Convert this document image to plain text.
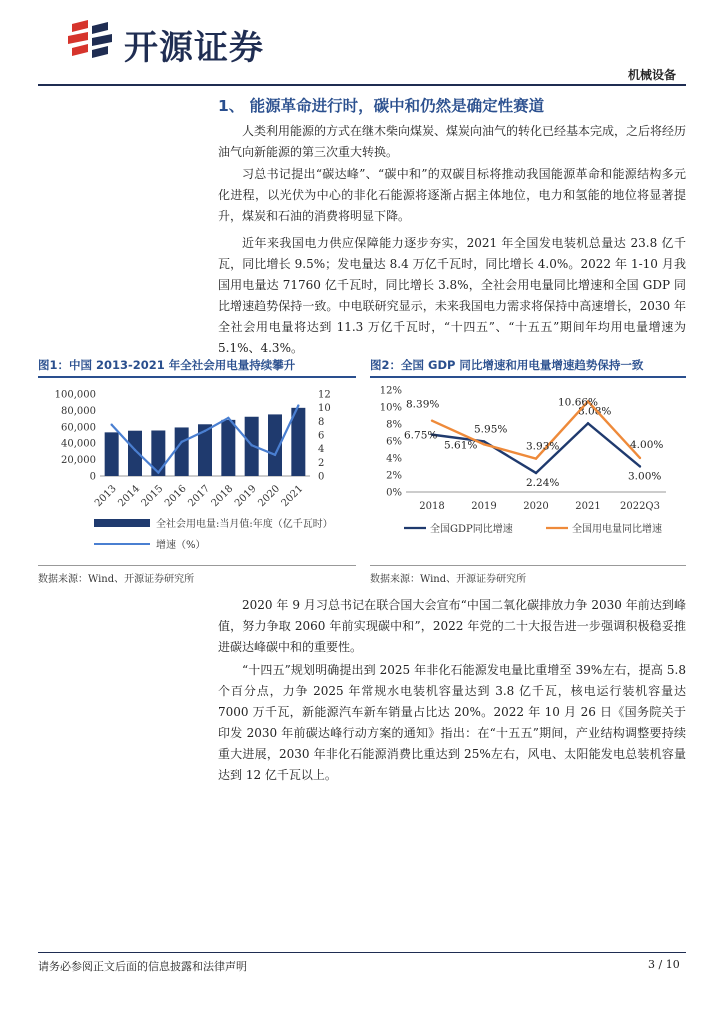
开源证券
机械设备
1、 能源革命进行时，碳中和仍然是确定性赛道
人类利用能源的方式在继木柴向煤炭、煤炭向油气的转化已经基本完成，之后将经历油气向新能源的第三次重大转换。
习总书记提出“碳达峰”、“碳中和”的双碳目标将推动我国能源革命和能源结构多元化进程，以光伏为中心的非化石能源将逐渐占据主体地位，电力和氢能的地位将显著提升，煤炭和石油的消费将明显下降。
近年来我国电力供应保障能力逐步夯实，2021 年全国发电装机总量达 23.8 亿千瓦，同比增长 9.5%；发电量达 8.4 万亿千瓦时，同比增长 4.0%。2022 年 1-10 月我国用电量达 71760 亿千瓦时，同比增长 3.8%，全社会用电量同比增速和全国 GDP 同比增速趋势保持一致。中电联研究显示，未来我国电力需求将保持中高速增长，2030 年全社会用电量将达到 11.3 万亿千瓦时，“十四五”、“十五五”期间年均用电量增速为 5.1%、4.3%。
图1：中国 2013-2021 年全社会用电量持续攀升	图2：全国 GDP 同比增速和用电量增速趋势保持一致
0
20,000
40,000
60,000
80,000
100,000
0
2
4
6
8
10
12
2013
2014
2015
2016
2017
2018
2019
2020
2021
全社会用电量:当月值:年度（亿千瓦时）
增速（%）
0%
2%
4%
6%
8%
10%
12%
2018	2019	2020	2021 2022Q3
6.75%
5.95%
2.24%
8.08%
3.00%
8.39%
5.61%	3.93%
10.66%
4.00%
全国GDP同比增速	全国用电量同比增速
数据来源：Wind、开源证券研究所	数据来源：Wind、开源证券研究所
2020 年 9 月习总书记在联合国大会宣布“中国二氧化碳排放力争 2030 年前达到峰值，努力争取 2060 年前实现碳中和”，2022 年党的二十大报告进一步强调积极稳妥推进碳达峰碳中和的重要性。
“十四五”规划明确提出到 2025 年非化石能源发电量比重增至 39%左右，提高 5.8 个百分点，力争 2025 年常规水电装机容量达到 3.8 亿千瓦，核电运行装机容量达 7000 万千瓦，新能源汽车新车销量占比达 20%。2022 年 10 月 26 日《国务院关于印发 2030 年前碳达峰行动方案的通知》指出：在“十五五”期间，产业结构调整要持续重大进展，2030 年非化石能源消费比重达到 25%左右，风电、太阳能发电总装机容量达到 12 亿千瓦以上。
请务必参阅正文后面的信息披露和法律声明	3 / 10
